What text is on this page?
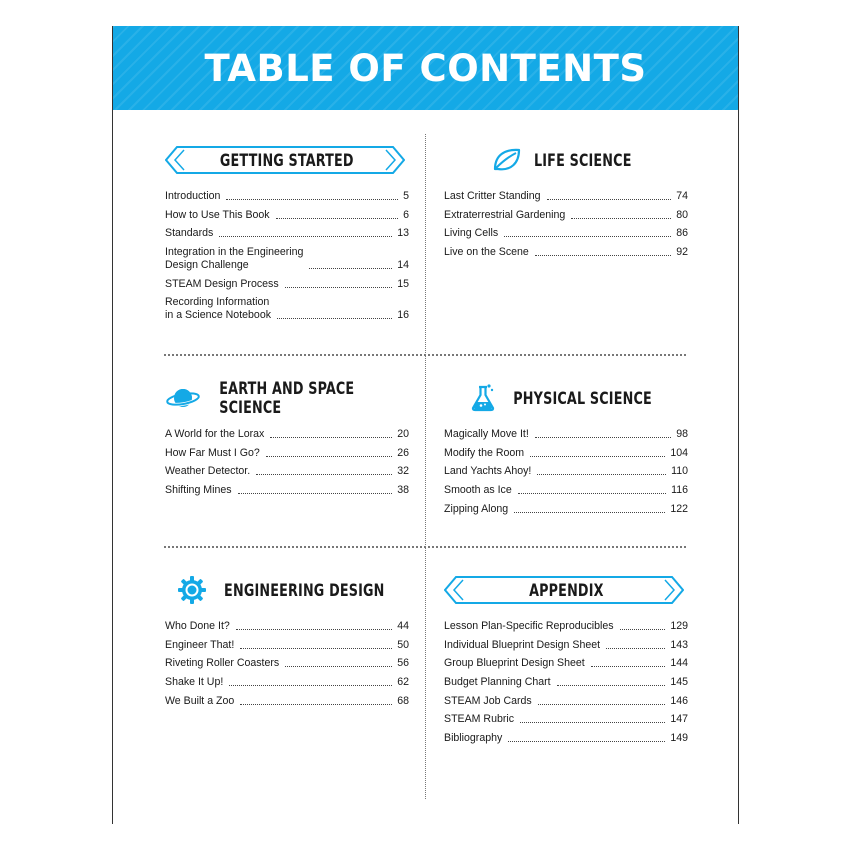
TABLE OF CONTENTS
GETTING STARTED
Introduction	5
How to Use This Book	6
Standards	13
Integration in the Engineering
Design Challenge	14
STEAM Design Process	15
Recording Information
in a Science Notebook	16
LIFE SCIENCE
Last Critter Standing	74
Extraterrestrial Gardening	80
Living Cells	86
Live on the Scene	92
EARTH AND SPACE SCIENCE
A World for the Lorax	20
How Far Must I Go?	26
Weather Detector.	32
Shifting Mines	38
PHYSICAL SCIENCE
Magically Move It!	98
Modify the Room	104
Land Yachts Ahoy!	110
Smooth as Ice	116
Zipping Along	122
ENGINEERING DESIGN
Who Done It?	44
Engineer That!	50
Riveting Roller Coasters	56
Shake It Up!	62
We Built a Zoo	68
APPENDIX
Lesson Plan-Specific Reproducibles	129
Individual Blueprint Design Sheet	143
Group Blueprint Design Sheet	144
Budget Planning Chart	145
STEAM Job Cards	146
STEAM Rubric	147
Bibliography	149
